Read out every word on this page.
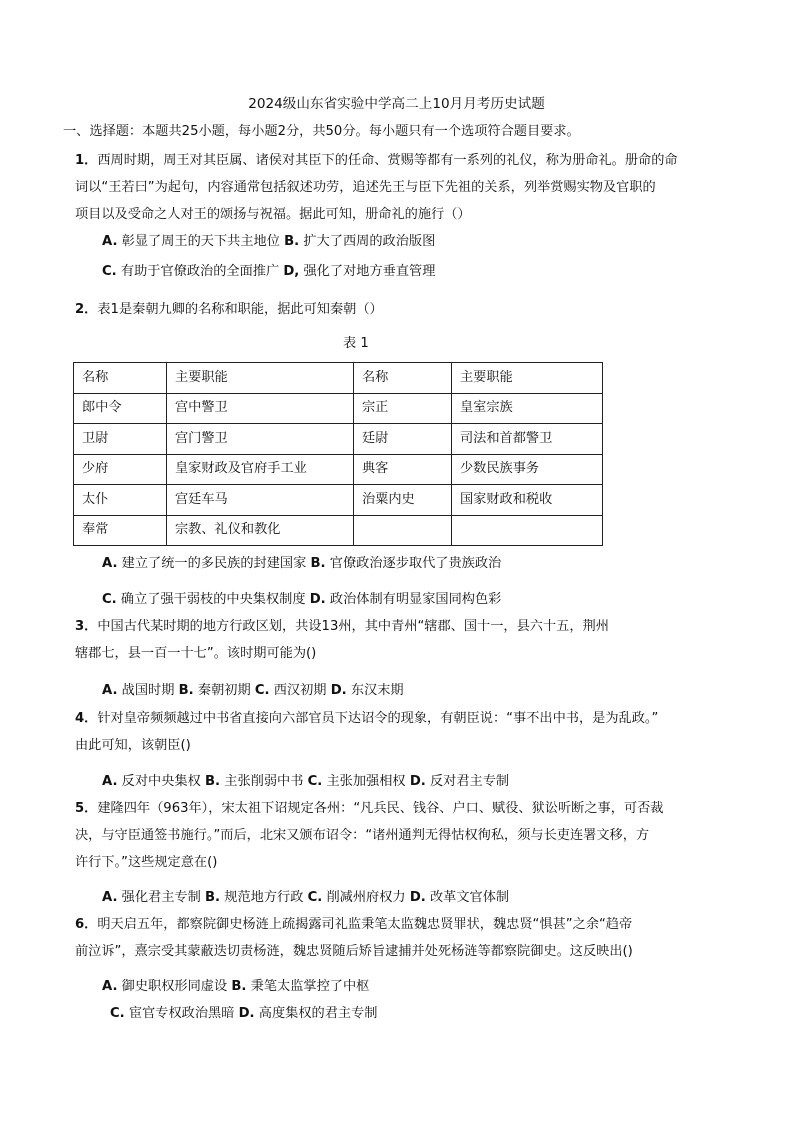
2024级山东省实验中学高二上10月月考历史试题
一、选择题：本题共25小题，每小题2分，共50分。每小题只有一个选项符合题目要求。
1．西周时期，周王对其臣属、诸侯对其臣下的任命、赏赐等都有一系列的礼仪，称为册命礼。册命的命
词以“王若曰”为起句，内容通常包括叙述功劳，追述先王与臣下先祖的关系，列举赏赐实物及官职的
项目以及受命之人对王的颂扬与祝福。据此可知，册命礼的施行（）
A. 彰显了周王的天下共主地位 B. 扩大了西周的政治版图
C. 有助于官僚政治的全面推广 D, 强化了对地方垂直管理
2．表1是秦朝九卿的名称和职能，据此可知秦朝（）
表 1
名称	主要职能	名称	主要职能
郎中令	宫中警卫	宗正	皇室宗族
卫尉	宫门警卫	廷尉	司法和首都警卫
少府	皇家财政及官府手工业	典客	少数民族事务
太仆	宫廷车马	治粟内史	国家财政和税收
奉常	宗教、礼仪和教化		
A. 建立了统一的多民族的封建国家 B. 官僚政治逐步取代了贵族政治
C. 确立了强干弱枝的中央集权制度 D. 政治体制有明显家国同构色彩
3．中国古代某时期的地方行政区划，共设13州，其中青州“辖郡、国十一，县六十五，荆州
辖郡七，县一百一十七”。该时期可能为()
A. 战国时期 B. 秦朝初期 C. 西汉初期 D. 东汉末期
4．针对皇帝频频越过中书省直接向六部官员下达诏令的现象，有朝臣说：“事不出中书，是为乱政。”
由此可知，该朝臣()
A. 反对中央集权 B. 主张削弱中书 C. 主张加强相权 D. 反对君主专制
5．建隆四年（963年），宋太祖下诏规定各州：“凡兵民、钱谷、户口、赋役、狱讼听断之事，可否裁
决，与守臣通签书施行。”而后，北宋又颁布诏令：“诸州通判无得怙权徇私，须与长吏连署文移，方
许行下。”这些规定意在()
A. 强化君主专制 B. 规范地方行政 C. 削减州府权力 D. 改革文官体制
6．明天启五年，都察院御史杨涟上疏揭露司礼监秉笔太监魏忠贤罪状，魏忠贤“惧甚”之余“趋帝
前泣诉”，熹宗受其蒙蔽迭切责杨涟，魏忠贤随后矫旨逮捕并处死杨涟等都察院御史。这反映出()
A. 御史职权形同虚设 B. 秉笔太监掌控了中枢
C. 宦官专权政治黑暗 D. 高度集权的君主专制
